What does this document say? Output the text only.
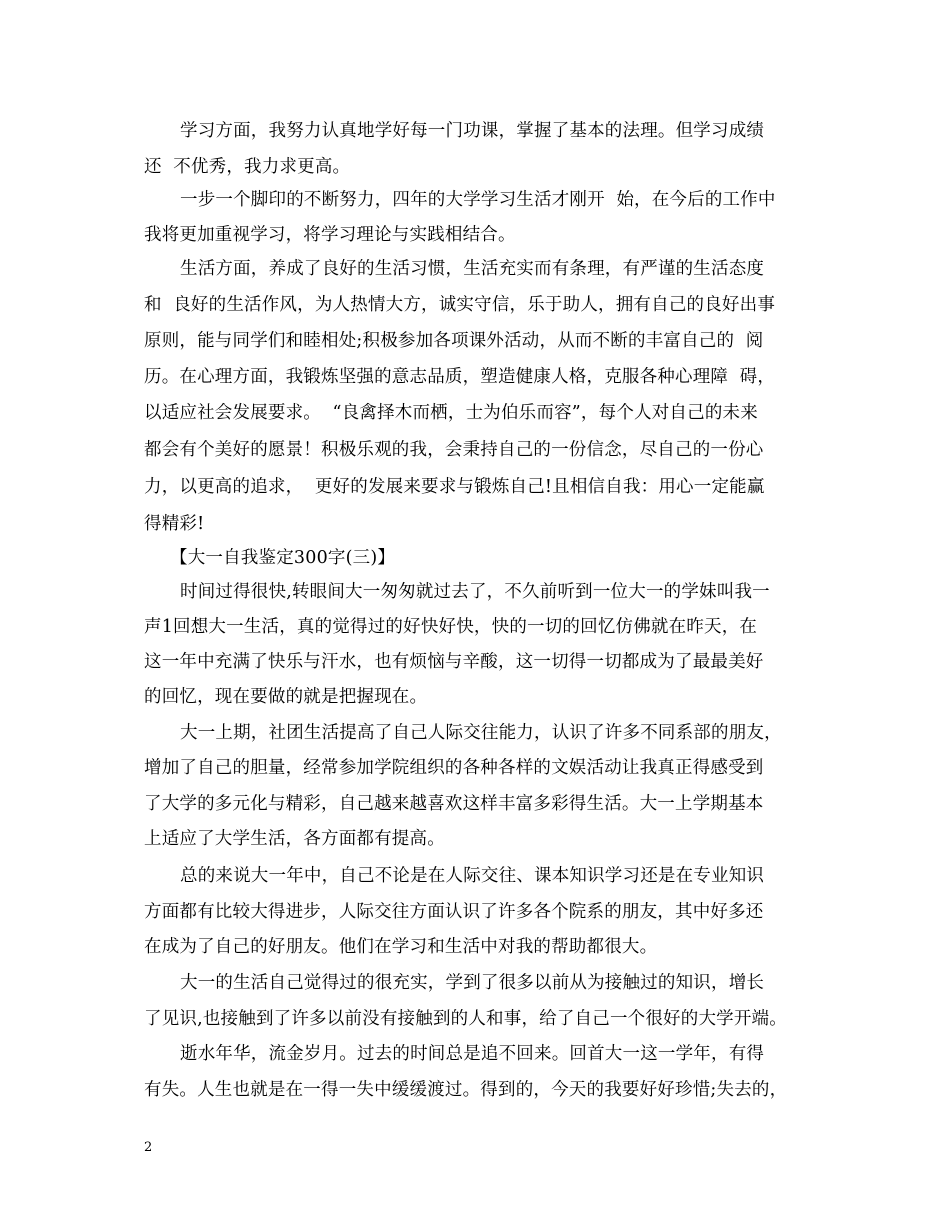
学习方面，我努力认真地学好每一门功课，掌握了基本的法理。但学习成绩
还  不优秀，我力求更高。
一步一个脚印的不断努力，四年的大学学习生活才刚开  始，在今后的工作中
我将更加重视学习，将学习理论与实践相结合。
生活方面，养成了良好的生活习惯，生活充实而有条理，有严谨的生活态度
和  良好的生活作风，为人热情大方，诚实守信，乐于助人，拥有自己的良好出事
原则，能与同学们和睦相处;积极参加各项课外活动，从而不断的丰富自己的  阅
历。在心理方面，我锻炼坚强的意志品质，塑造健康人格，克服各种心理障  碍，
以适应社会发展要求。  “良禽择木而栖，士为伯乐而容”，每个人对自己的未来
都会有个美好的愿景！积极乐观的我，会秉持自己的一份信念，尽自己的一份心
力，以更高的追求，  更好的发展来要求与锻炼自己!且相信自我：用心一定能赢
得精彩!
【大一自我鉴定300字(三)】
时间过得很快,转眼间大一匆匆就过去了，不久前听到一位大一的学妹叫我一
声1回想大一生活，真的觉得过的好快好快，快的一切的回忆仿佛就在昨天，在
这一年中充满了快乐与汗水，也有烦恼与辛酸，这一切得一切都成为了最最美好
的回忆，现在要做的就是把握现在。
大一上期，社团生活提高了自己人际交往能力，认识了许多不同系部的朋友，
增加了自己的胆量，经常参加学院组织的各种各样的文娱活动让我真正得感受到
了大学的多元化与精彩，自己越来越喜欢这样丰富多彩得生活。大一上学期基本
上适应了大学生活，各方面都有提高。
总的来说大一年中，自己不论是在人际交往、课本知识学习还是在专业知识
方面都有比较大得进步，人际交往方面认识了许多各个院系的朋友，其中好多还
在成为了自己的好朋友。他们在学习和生活中对我的帮助都很大。
大一的生活自己觉得过的很充实，学到了很多以前从为接触过的知识，增长
了见识,也接触到了许多以前没有接触到的人和事，给了自己一个很好的大学开端。
逝水年华，流金岁月。过去的时间总是追不回来。回首大一这一学年，有得
有失。人生也就是在一得一失中缓缓渡过。得到的，今天的我要好好珍惜;失去的，
2
